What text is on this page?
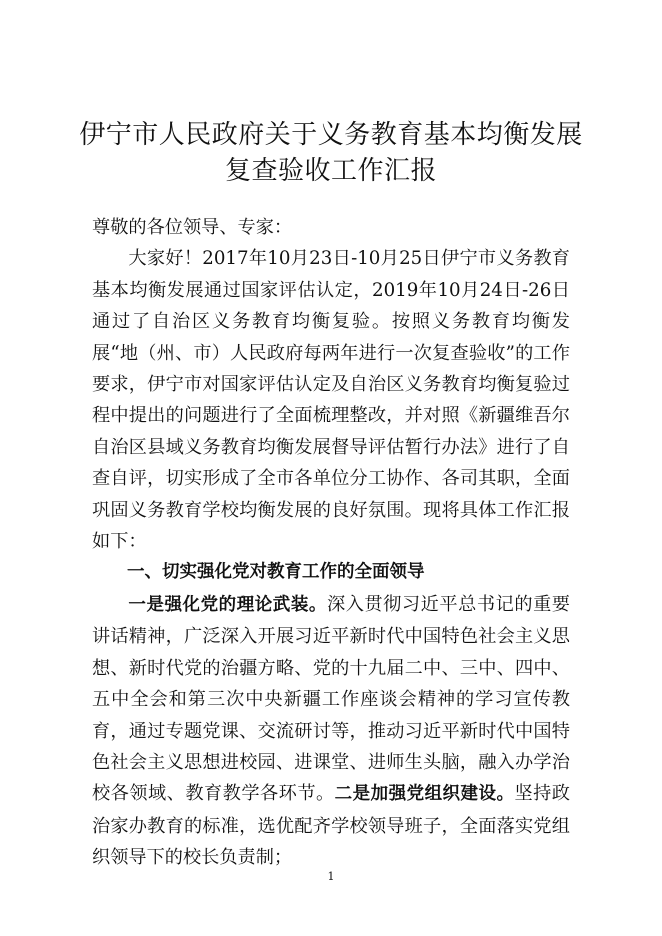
伊宁市人民政府关于义务教育基本均衡发展
复查验收工作汇报

尊敬的各位领导、专家：

大家好！2017年10月23日-10月25日伊宁市义务教育基本均衡发展通过国家评估认定，2019年10月24日-26日通过了自治区义务教育均衡复验。按照义务教育均衡发展“地（州、市）人民政府每两年进行一次复查验收”的工作要求，伊宁市对国家评估认定及自治区义务教育均衡复验过程中提出的问题进行了全面梳理整改，并对照《新疆维吾尔自治区县域义务教育均衡发展督导评估暂行办法》进行了自查自评，切实形成了全市各单位分工协作、各司其职，全面巩固义务教育学校均衡发展的良好氛围。现将具体工作汇报如下：

一、切实强化党对教育工作的全面领导

一是强化党的理论武装。深入贯彻习近平总书记的重要讲话精神，广泛深入开展习近平新时代中国特色社会主义思想、新时代党的治疆方略、党的十九届二中、三中、四中、五中全会和第三次中央新疆工作座谈会精神的学习宣传教育，通过专题党课、交流研讨等，推动习近平新时代中国特色社会主义思想进校园、进课堂、进师生头脑，融入办学治校各领域、教育教学各环节。二是加强党组织建设。坚持政治家办教育的标准，选优配齐学校领导班子，全面落实党组织领导下的校长负责制；

1
